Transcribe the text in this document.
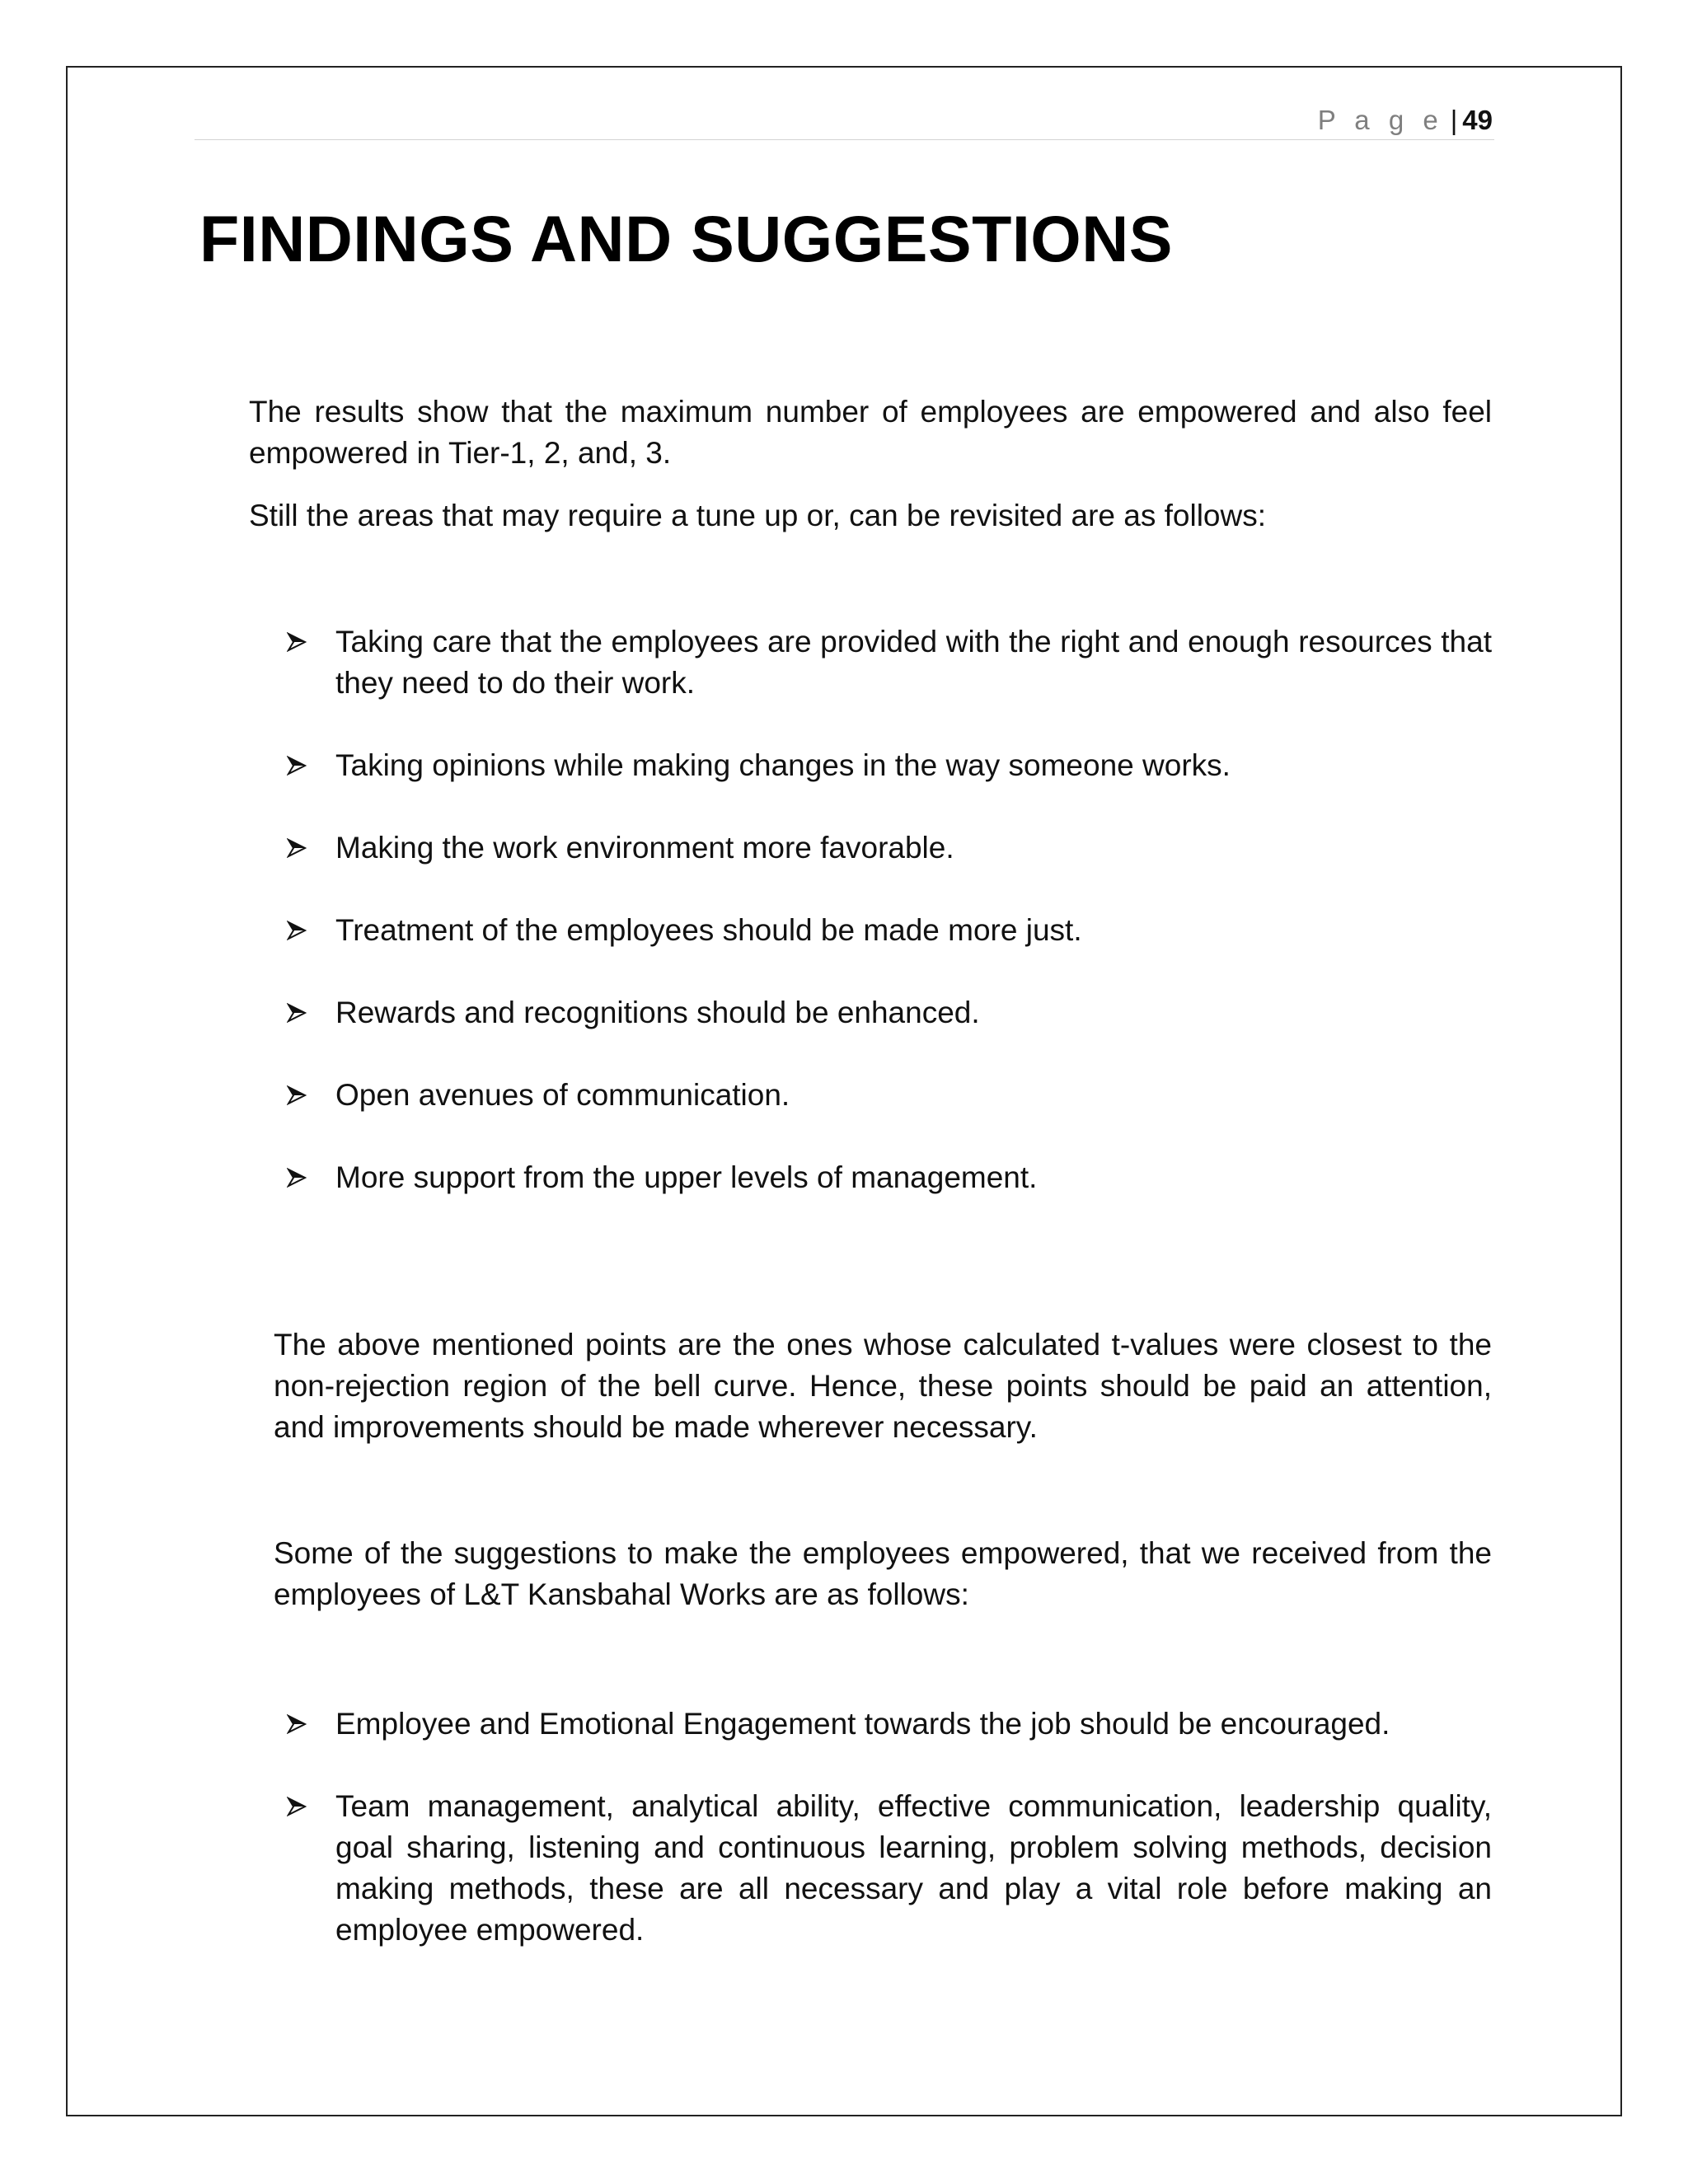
P a g e | 49
FINDINGS AND SUGGESTIONS

The results show that the maximum number of employees are empowered and also feel empowered in Tier-1, 2, and, 3.

Still the areas that may require a tune up or, can be revisited are as follows:

Taking care that the employees are provided with the right and enough resources that they need to do their work.
Taking opinions while making changes in the way someone works.
Making the work environment more favorable.
Treatment of the employees should be made more just.
Rewards and recognitions should be enhanced.
Open avenues of communication.
More support from the upper levels of management.

The above mentioned points are the ones whose calculated t-values were closest to the non-rejection region of the bell curve. Hence, these points should be paid an attention, and improvements should be made wherever necessary.

Some of the suggestions to make the employees empowered, that we received from the employees of L&T Kansbahal Works are as follows:

Employee and Emotional Engagement towards the job should be encouraged.
Team management, analytical ability, effective communication, leadership quality, goal sharing, listening and continuous learning, problem solving methods, decision making methods, these are all necessary and play a vital role before making an employee empowered.
